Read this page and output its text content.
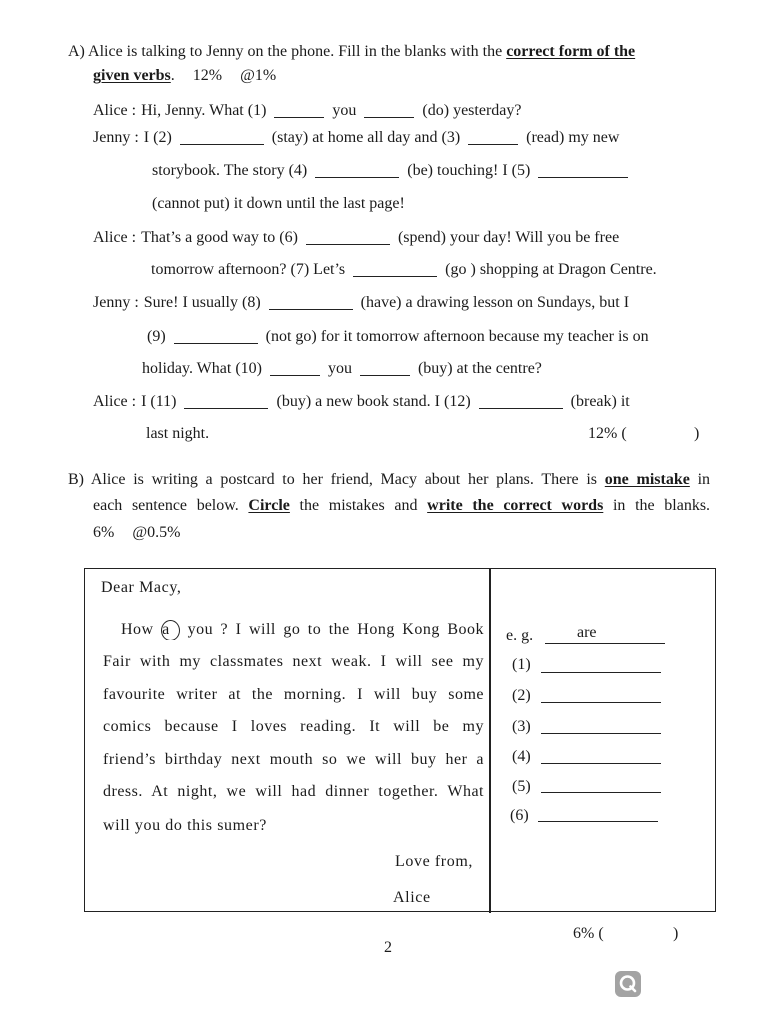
A) Alice is talking to Jenny on the phone. Fill in the blanks with the correct form of the
given verbs. 12% @1%
Alice : Hi, Jenny. What (1)	you	(do) yesterday?
Jenny : I (2)	(stay) at home all day and (3)	(read) my new
storybook. The story (4)	(be) touching! I (5)
(cannot put) it down until the last page!
Alice : That’s a good way to (6)	(spend) your day! Will you be free
tomorrow afternoon? (7) Let’s	(go ) shopping at Dragon Centre.
Jenny : Sure! I usually (8)	(have) a drawing lesson on Sundays, but I
(9)	(not go) for it tomorrow afternoon because my teacher is on
holiday. What (10)	you	(buy) at the centre?
Alice : I (11)	(buy) a new book stand. I (12)	(break) it
last night.	12% (	)
B) Alice is writing a postcard to her friend, Macy about her plans. There is one mistake in
each sentence below. Circle the mistakes and write the correct words in the blanks.
6% @0.5%
Dear Macy,
How a you ? I will go to the Hong Kong Book
Fair with my classmates next weak. I will see my
favourite writer at the morning. I will buy some
comics because I loves reading. It will be my
friend’s birthday next mouth so we will buy her a
dress. At night, we will had dinner together. What
will you do this sumer?
Love from,
Alice
e. g.	are
(1)
(2)
(3)
(4)
(5)
(6)
6% (	)
2
